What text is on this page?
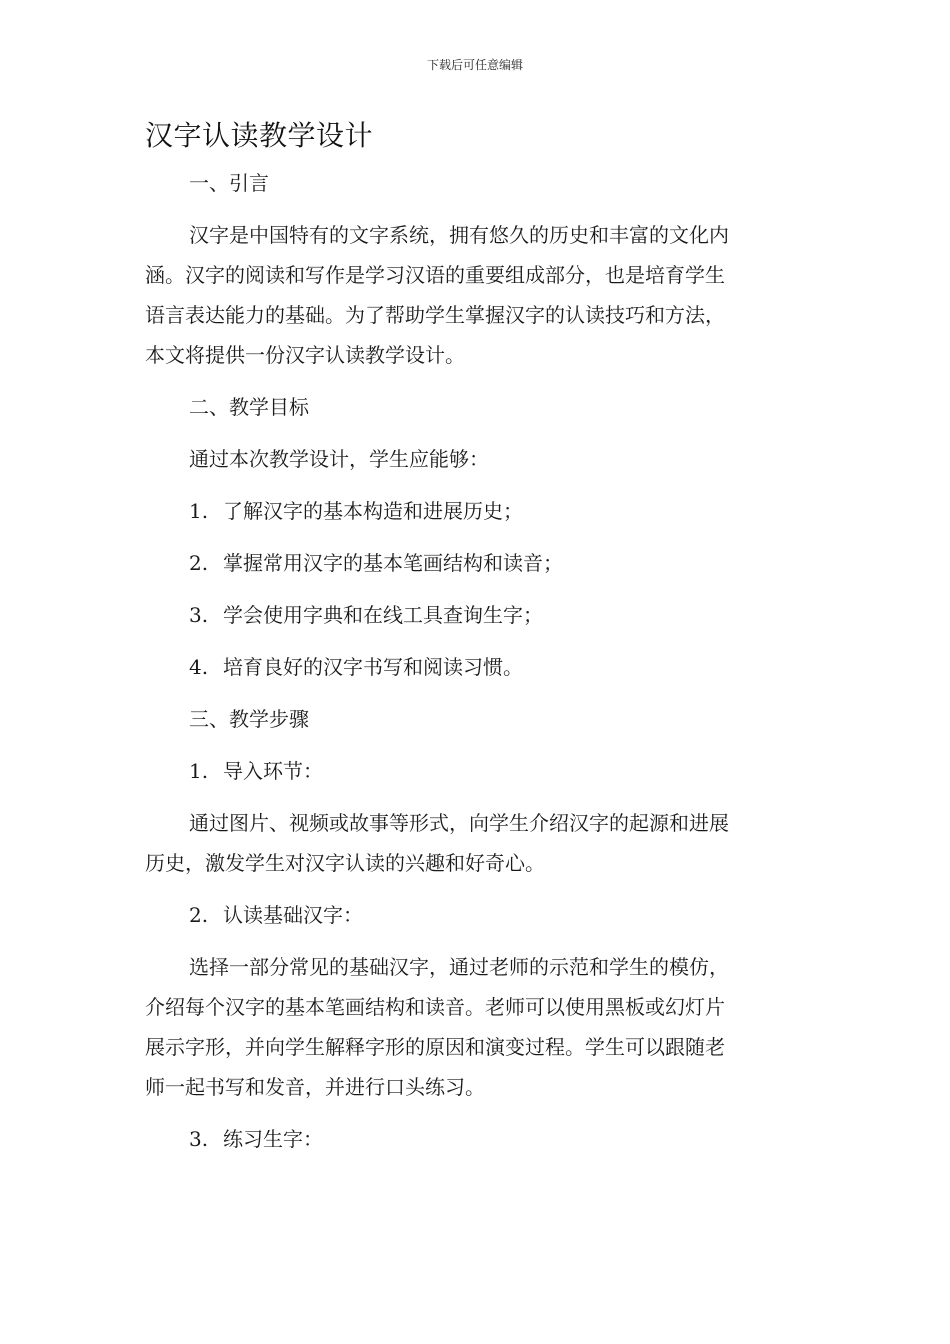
下载后可任意编辑
汉字认读教学设计

一、引言

汉字是中国特有的文字系统，拥有悠久的历史和丰富的文化内

涵。汉字的阅读和写作是学习汉语的重要组成部分，也是培育学生

语言表达能力的基础。为了帮助学生掌握汉字的认读技巧和方法，

本文将提供一份汉字认读教学设计。

二、教学目标

通过本次教学设计，学生应能够：

1. 了解汉字的基本构造和进展历史；

2. 掌握常用汉字的基本笔画结构和读音；

3. 学会使用字典和在线工具查询生字；

4. 培育良好的汉字书写和阅读习惯。

三、教学步骤

1. 导入环节：

通过图片、视频或故事等形式，向学生介绍汉字的起源和进展

历史，激发学生对汉字认读的兴趣和好奇心。

2. 认读基础汉字：

选择一部分常见的基础汉字，通过老师的示范和学生的模仿，

介绍每个汉字的基本笔画结构和读音。老师可以使用黑板或幻灯片

展示字形，并向学生解释字形的原因和演变过程。学生可以跟随老

师一起书写和发音，并进行口头练习。

3. 练习生字：
